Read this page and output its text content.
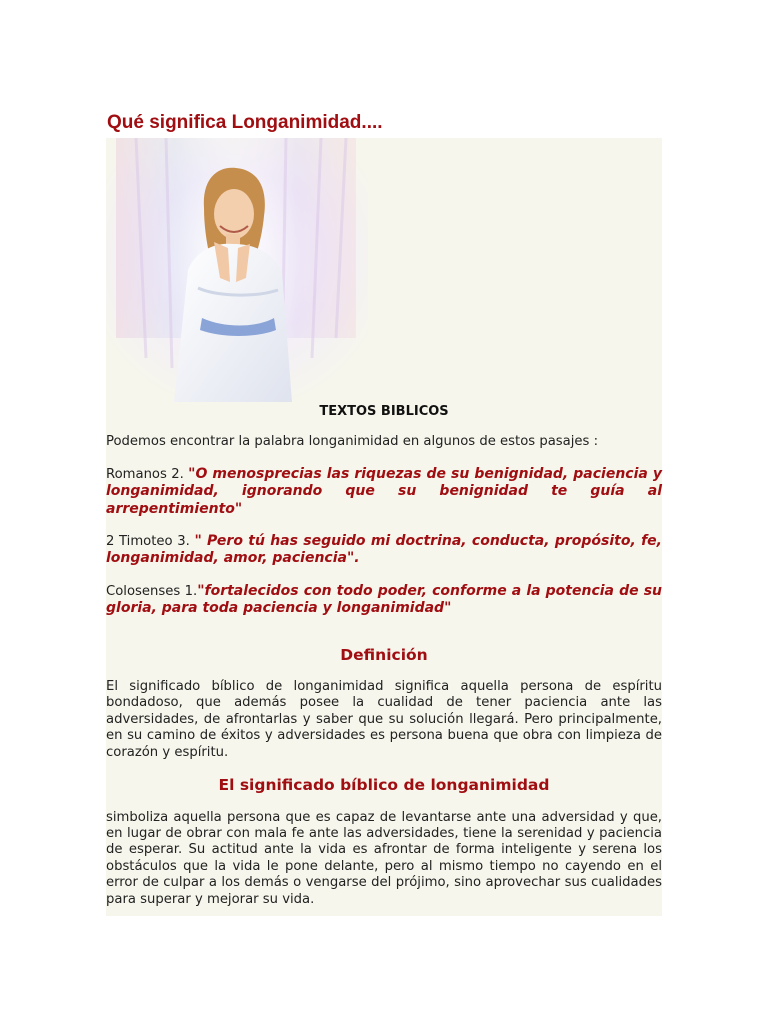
Qué significa Longanimidad....
TEXTOS BIBLICOS

Podemos encontrar la palabra longanimidad en algunos de estos pasajes :

Romanos 2. "O menosprecias las riquezas de su benignidad, paciencia y longanimidad, ignorando que su benignidad te guía al arrepentimiento"

2 Timoteo 3. " Pero tú has seguido mi doctrina, conducta, propósito, fe, longanimidad, amor, paciencia".

Colosenses 1."fortalecidos con todo poder, conforme a la potencia de su gloria, para toda paciencia y longanimidad"

Definición

El significado bíblico de longanimidad significa aquella persona de espíritu bondadoso, que además posee la cualidad de tener paciencia ante las adversidades, de afrontarlas y saber que su solución llegará. Pero principalmente, en su camino de éxitos y adversidades es persona buena que obra con limpieza de corazón y espíritu.

El significado bíblico de longanimidad

simboliza aquella persona que es capaz de levantarse ante una adversidad y que, en lugar de obrar con mala fe ante las adversidades, tiene la serenidad y paciencia de esperar. Su actitud ante la vida es afrontar de forma inteligente y serena los obstáculos que la vida le pone delante, pero al mismo tiempo no cayendo en el error de culpar a los demás o vengarse del prójimo, sino aprovechar sus cualidades para superar y mejorar su vida.
